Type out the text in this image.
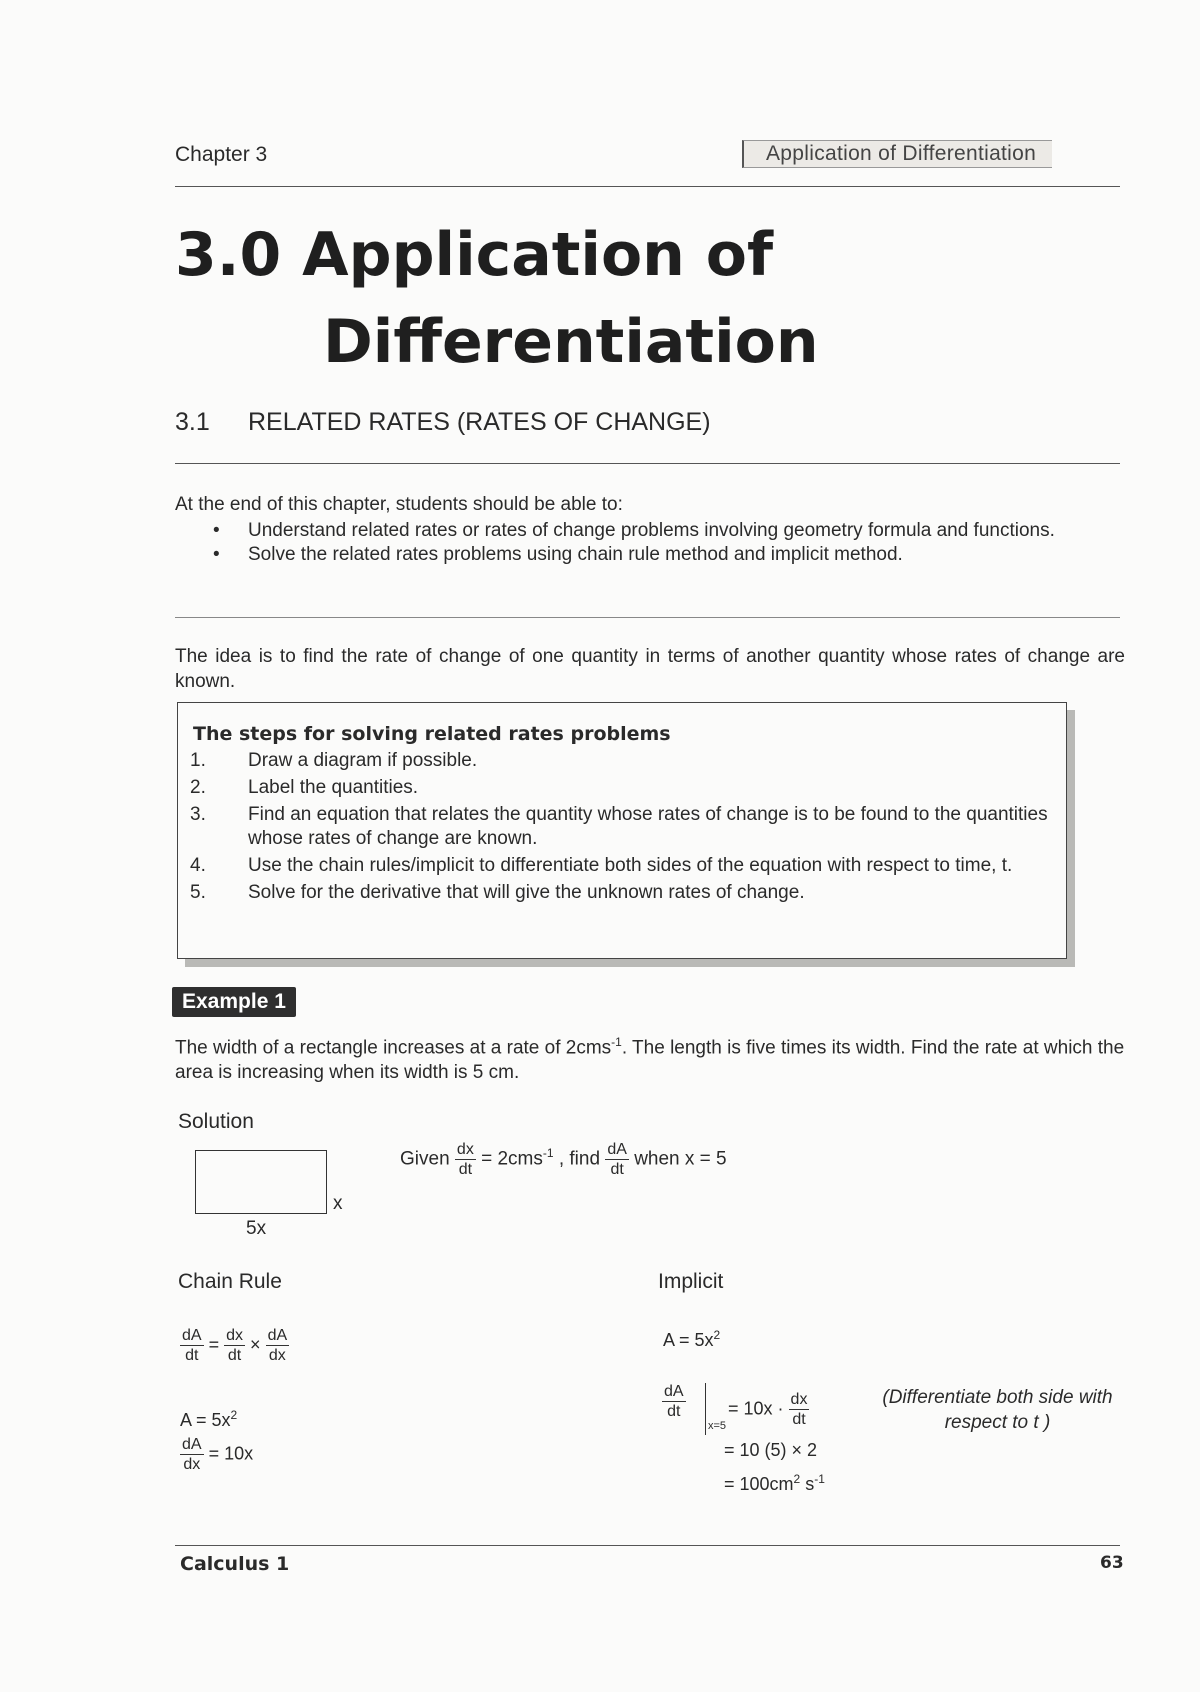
Chapter 3	Application of Differentiation
3.0 Application of
Differentiation
3.1 RELATED RATES (RATES OF CHANGE)
At the end of this chapter, students should be able to:
• Understand related rates or rates of change problems involving geometry formula and functions.
• Solve the related rates problems using chain rule method and implicit method.
The idea is to find the rate of change of one quantity in terms of another quantity whose rates of change are known.
The steps for solving related rates problems
1. Draw a diagram if possible.
2. Label the quantities.
3. Find an equation that relates the quantity whose rates of change is to be found to the quantities whose rates of change are known.
4. Use the chain rules/implicit to differentiate both sides of the equation with respect to time, t.
5. Solve for the derivative that will give the unknown rates of change.
Example 1
The width of a rectangle increases at a rate of 2cms$^{-1}$. The length is five times its width. Find the rate at which the area is increasing when its width is 5 cm.
Solution
x
5x
Given $\frac{dx}{dt} = 2cms^{-1}$ , find $\frac{dA}{dt}$ when x = 5
Chain Rule
$\frac{dA}{dt} = \frac{dx}{dt} \times \frac{dA}{dx}$
$A = 5x^2$
$\frac{dA}{dx} = 10x$
Implicit
$A = 5x^2$
$\frac{dA}{dt}$
x=5
= $10x \cdot \frac{dx}{dt}$
= 10 (5) × 2
= $100cm^2$ $s^{-1}$
(Differentiate both side with respect to t )
Calculus 1	63
